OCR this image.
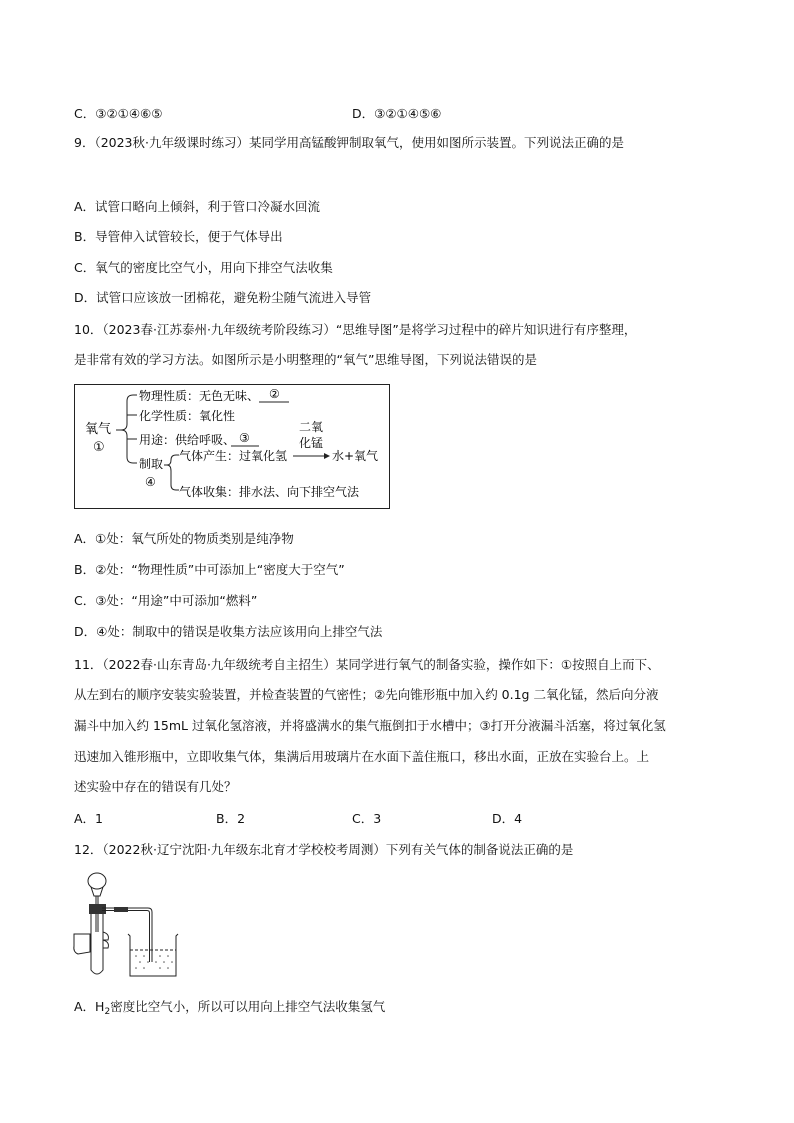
C．③②①④⑥⑤	D．③②①④⑤⑥
9．（2023秋·九年级课时练习）某同学用高锰酸钾制取氧气，使用如图所示装置。下列说法正确的是
A．试管口略向上倾斜，利于管口冷凝水回流
B．导管伸入试管较长，便于气体导出
C．氧气的密度比空气小，用向下排空气法收集
D．试管口应该放一团棉花，避免粉尘随气流进入导管
10．（2023春·江苏泰州·九年级统考阶段练习）“思维导图”是将学习过程中的碎片知识进行有序整理，
是非常有效的学习方法。如图所示是小明整理的“氧气”思维导图，下列说法错误的是
氧气
①
物理性质：无色无味、 ②
化学性质：氧化性
用途：供给呼吸、 ③
制取
④
气体产生：过氧化氢
二氧
化锰
水+氧气
气体收集：排水法、向下排空气法
A．①处：氧气所处的物质类别是纯净物
B．②处：“物理性质”中可添加上“密度大于空气”
C．③处：“用途”中可添加“燃料”
D．④处：制取中的错误是收集方法应该用向上排空气法
11．（2022春·山东青岛·九年级统考自主招生）某同学进行氧气的制备实验，操作如下：①按照自上而下、
从左到右的顺序安装实验装置，并检查装置的气密性；②先向锥形瓶中加入约 0.1g 二氧化锰，然后向分液
漏斗中加入约 15mL 过氧化氢溶液，并将盛满水的集气瓶倒扣于水槽中；③打开分液漏斗活塞，将过氧化氢
迅速加入锥形瓶中，立即收集气体，集满后用玻璃片在水面下盖住瓶口，移出水面，正放在实验台上。上
述实验中存在的错误有几处？
A．1	B．2	C．3	D．4
12．（2022秋·辽宁沈阳·九年级东北育才学校校考周测）下列有关气体的制备说法正确的是
A．$H_2$密度比空气小，所以可以用向上排空气法收集氢气
